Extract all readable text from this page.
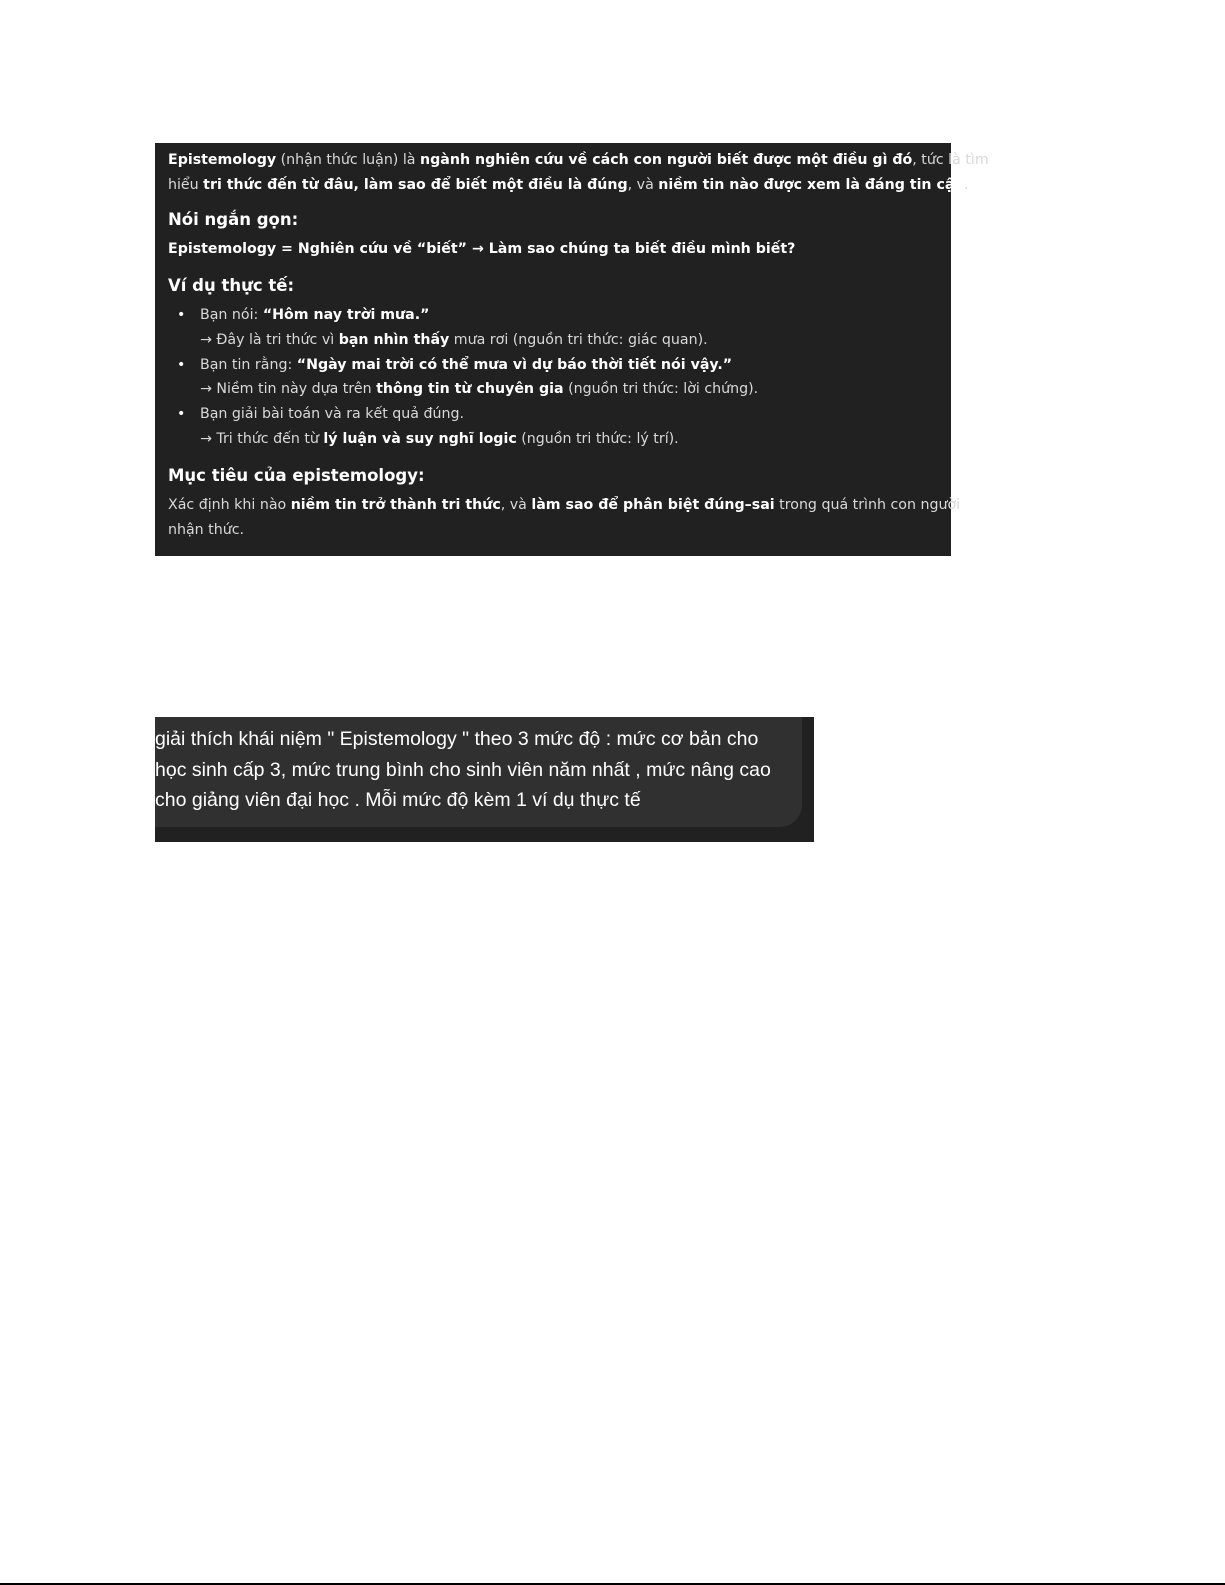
Epistemology (nhận thức luận) là ngành nghiên cứu về cách con người biết được một điều gì đó, tức là tìm
hiểu tri thức đến từ đâu, làm sao để biết một điều là đúng, và niềm tin nào được xem là đáng tin cậy.

Nói ngắn gọn:

Epistemology = Nghiên cứu về “biết” → Làm sao chúng ta biết điều mình biết?

Ví dụ thực tế:
• Bạn nói: “Hôm nay trời mưa.”
→ Đây là tri thức vì bạn nhìn thấy mưa rơi (nguồn tri thức: giác quan).
• Bạn tin rằng: “Ngày mai trời có thể mưa vì dự báo thời tiết nói vậy.”
→ Niềm tin này dựa trên thông tin từ chuyên gia (nguồn tri thức: lời chứng).
• Bạn giải bài toán và ra kết quả đúng.
→ Tri thức đến từ lý luận và suy nghĩ logic (nguồn tri thức: lý trí).
Mục tiêu của epistemology:

Xác định khi nào niềm tin trở thành tri thức, và làm sao để phân biệt đúng–sai trong quá trình con người
nhận thức.

giải thích khái niệm " Epistemology " theo 3 mức độ : mức cơ bản cho học sinh cấp 3, mức trung bình cho sinh viên năm nhất , mức nâng cao cho giảng viên đại học . Mỗi mức độ kèm 1 ví dụ thực tế
